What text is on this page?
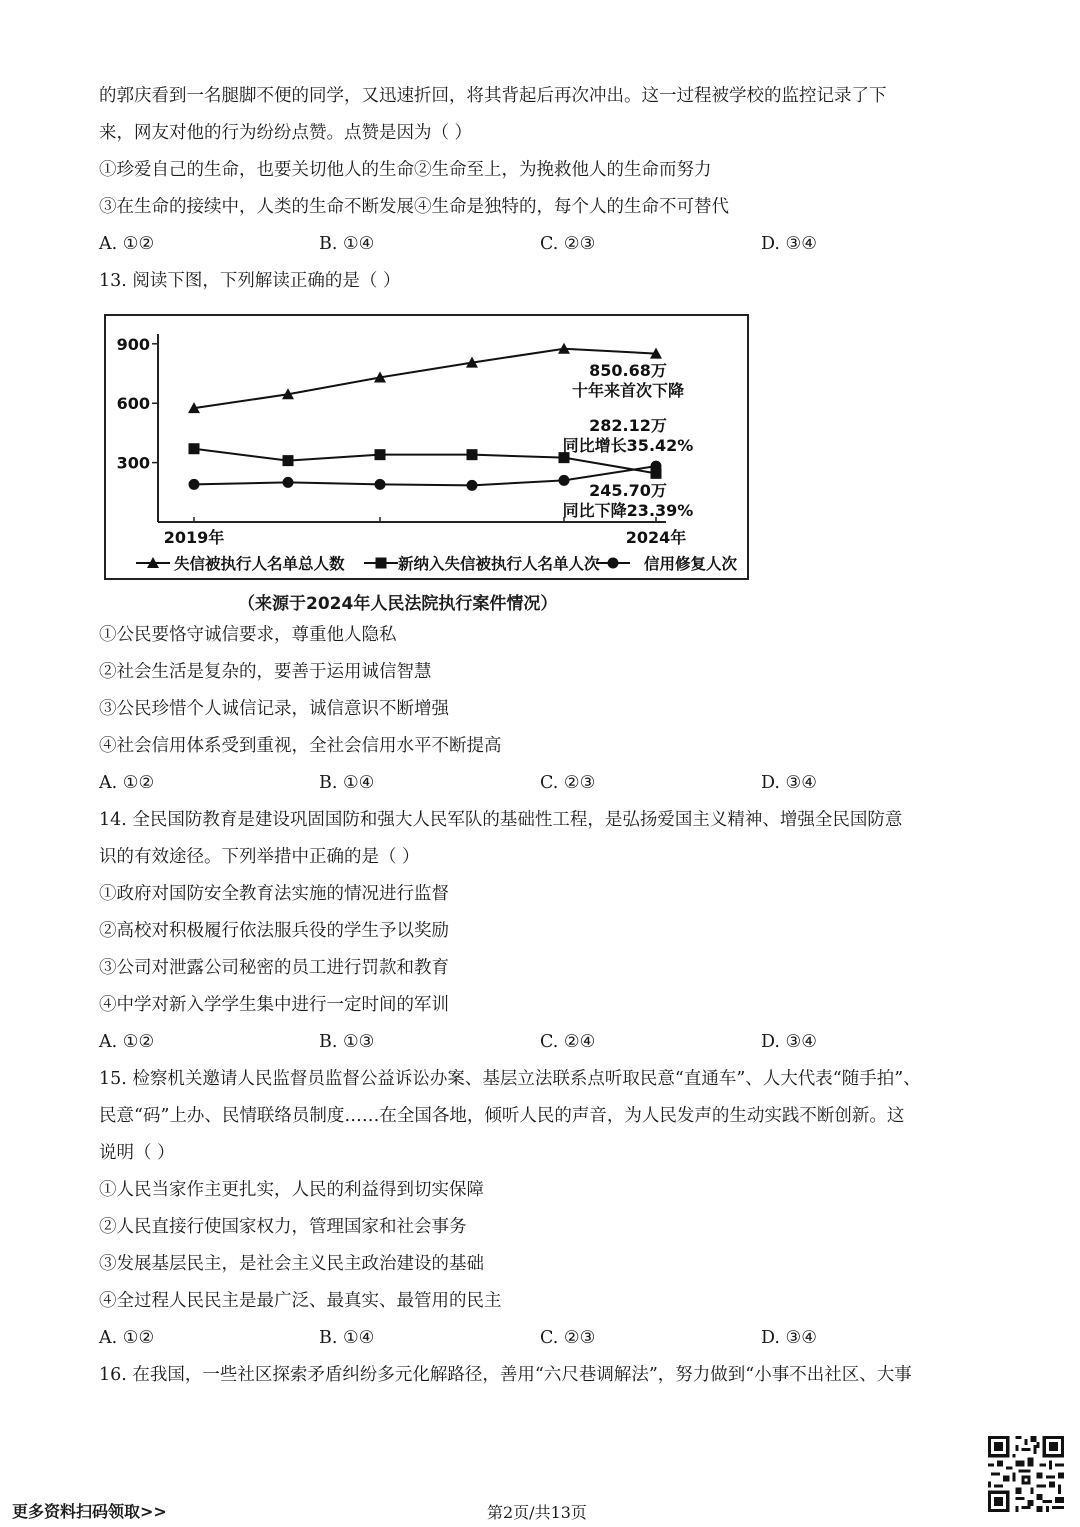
的郭庆看到一名腿脚不便的同学，又迅速折回，将其背起后再次冲出。这一过程被学校的监控记录了下
来，网友对他的行为纷纷点赞。点赞是因为（ ）
①珍爱自己的生命，也要关切他人的生命②生命至上，为挽救他人的生命而努力
③在生命的接续中，人类的生命不断发展④生命是独特的，每个人的生命不可替代
A. ①②	B. ①④	C. ②③	D. ③④
13. 阅读下图，下列解读正确的是（ ）
300
600
900
2019年	2024年
850.68万
十年来首次下降
282.12万
同比增长35.42%
245.70万
同比下降23.39%
失信被执行人名单总人数	新纳入失信被执行人名单人次	信用修复人次
（来源于2024年人民法院执行案件情况）
①公民要恪守诚信要求，尊重他人隐私
②社会生活是复杂的，要善于运用诚信智慧
③公民珍惜个人诚信记录，诚信意识不断增强
④社会信用体系受到重视，全社会信用水平不断提高
A. ①②	B. ①④	C. ②③	D. ③④
14. 全民国防教育是建设巩固国防和强大人民军队的基础性工程，是弘扬爱国主义精神、增强全民国防意
识的有效途径。下列举措中正确的是（ ）
①政府对国防安全教育法实施的情况进行监督
②高校对积极履行依法服兵役的学生予以奖励
③公司对泄露公司秘密的员工进行罚款和教育
④中学对新入学学生集中进行一定时间的军训
A. ①②	B. ①③	C. ②④	D. ③④
15. 检察机关邀请人民监督员监督公益诉讼办案、基层立法联系点听取民意“直通车”、人大代表“随手拍”、
民意“码”上办、民情联络员制度……在全国各地，倾听人民的声音，为人民发声的生动实践不断创新。这
说明（ ）
①人民当家作主更扎实，人民的利益得到切实保障
②人民直接行使国家权力，管理国家和社会事务
③发展基层民主，是社会主义民主政治建设的基础
④全过程人民民主是最广泛、最真实、最管用的民主
A. ①②	B. ①④	C. ②③	D. ③④
16. 在我国，一些社区探索矛盾纠纷多元化解路径，善用“六尺巷调解法”，努力做到“小事不出社区、大事
更多资料扫码领取>>	第2页/共13页
